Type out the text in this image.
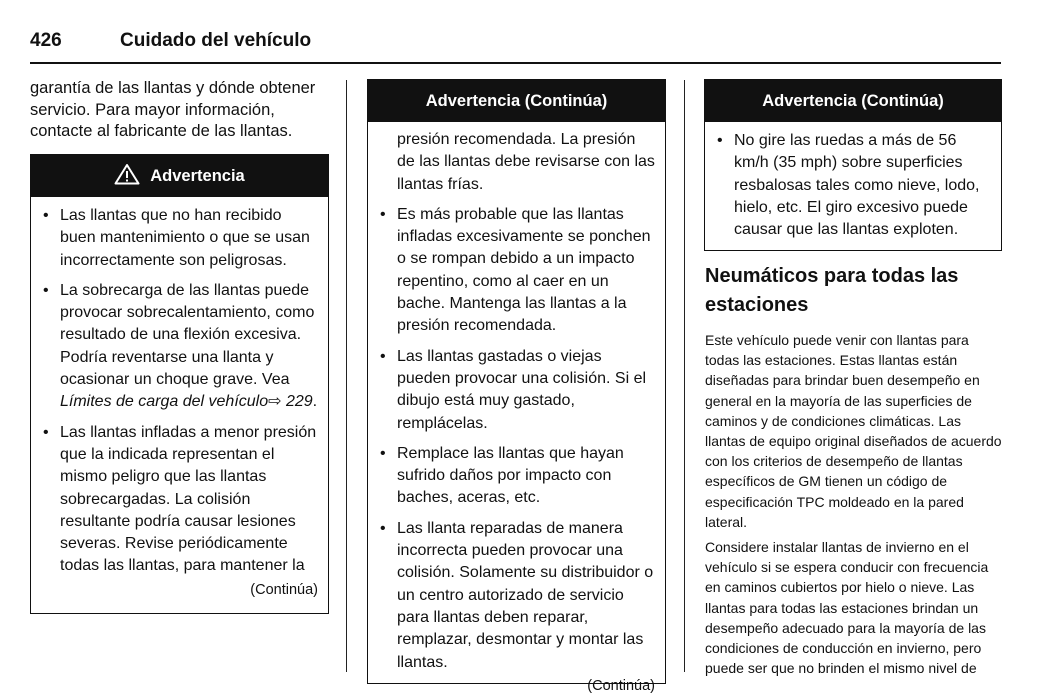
426	Cuidado del vehículo

garantía de las llantas y dónde obtener servicio. Para mayor información, contacte al fabricante de las llantas.

Advertencia
• Las llantas que no han recibido buen mantenimiento o que se usan incorrectamente son peligrosas.
• La sobrecarga de las llantas puede provocar sobrecalentamiento, como resultado de una flexión excesiva. Podría reventarse una llanta y ocasionar un choque grave. Vea Límites de carga del vehículo⇨ 229.
• Las llantas infladas a menor presión que la indicada representan el mismo peligro que las llantas sobrecargadas. La colisión resultante podría causar lesiones severas. Revise periódicamente todas las llantas, para mantener la
(Continúa)
Advertencia (Continúa)
presión recomendada. La presión de las llantas debe revisarse con las llantas frías.
• Es más probable que las llantas infladas excesivamente se ponchen o se rompan debido a un impacto repentino, como al caer en un bache. Mantenga las llantas a la presión recomendada.
• Las llantas gastadas o viejas pueden provocar una colisión. Si el dibujo está muy gastado, remplácelas.
• Remplace las llantas que hayan sufrido daños por impacto con baches, aceras, etc.
• Las llanta reparadas de manera incorrecta pueden provocar una colisión. Solamente su distribuidor o un centro autorizado de servicio para llantas deben reparar, remplazar, desmontar y montar las llantas.
(Continúa)
Advertencia (Continúa)
• No gire las ruedas a más de 56 km/h (35 mph) sobre superficies resbalosas tales como nieve, lodo, hielo, etc. El giro excesivo puede causar que las llantas exploten.
Neumáticos para todas las estaciones

Este vehículo puede venir con llantas para todas las estaciones. Estas llantas están diseñadas para brindar buen desempeño en general en la mayoría de las superficies de caminos y de condiciones climáticas. Las llantas de equipo original diseñados de acuerdo con los criterios de desempeño de llantas específicos de GM tienen un código de especificación TPC moldeado en la pared lateral.

Considere instalar llantas de invierno en el vehículo si se espera conducir con frecuencia en caminos cubiertos por hielo o nieve. Las llantas para todas las estaciones brindan un desempeño adecuado para la mayoría de las condiciones de conducción en invierno, pero puede ser que no brinden el mismo nivel de
